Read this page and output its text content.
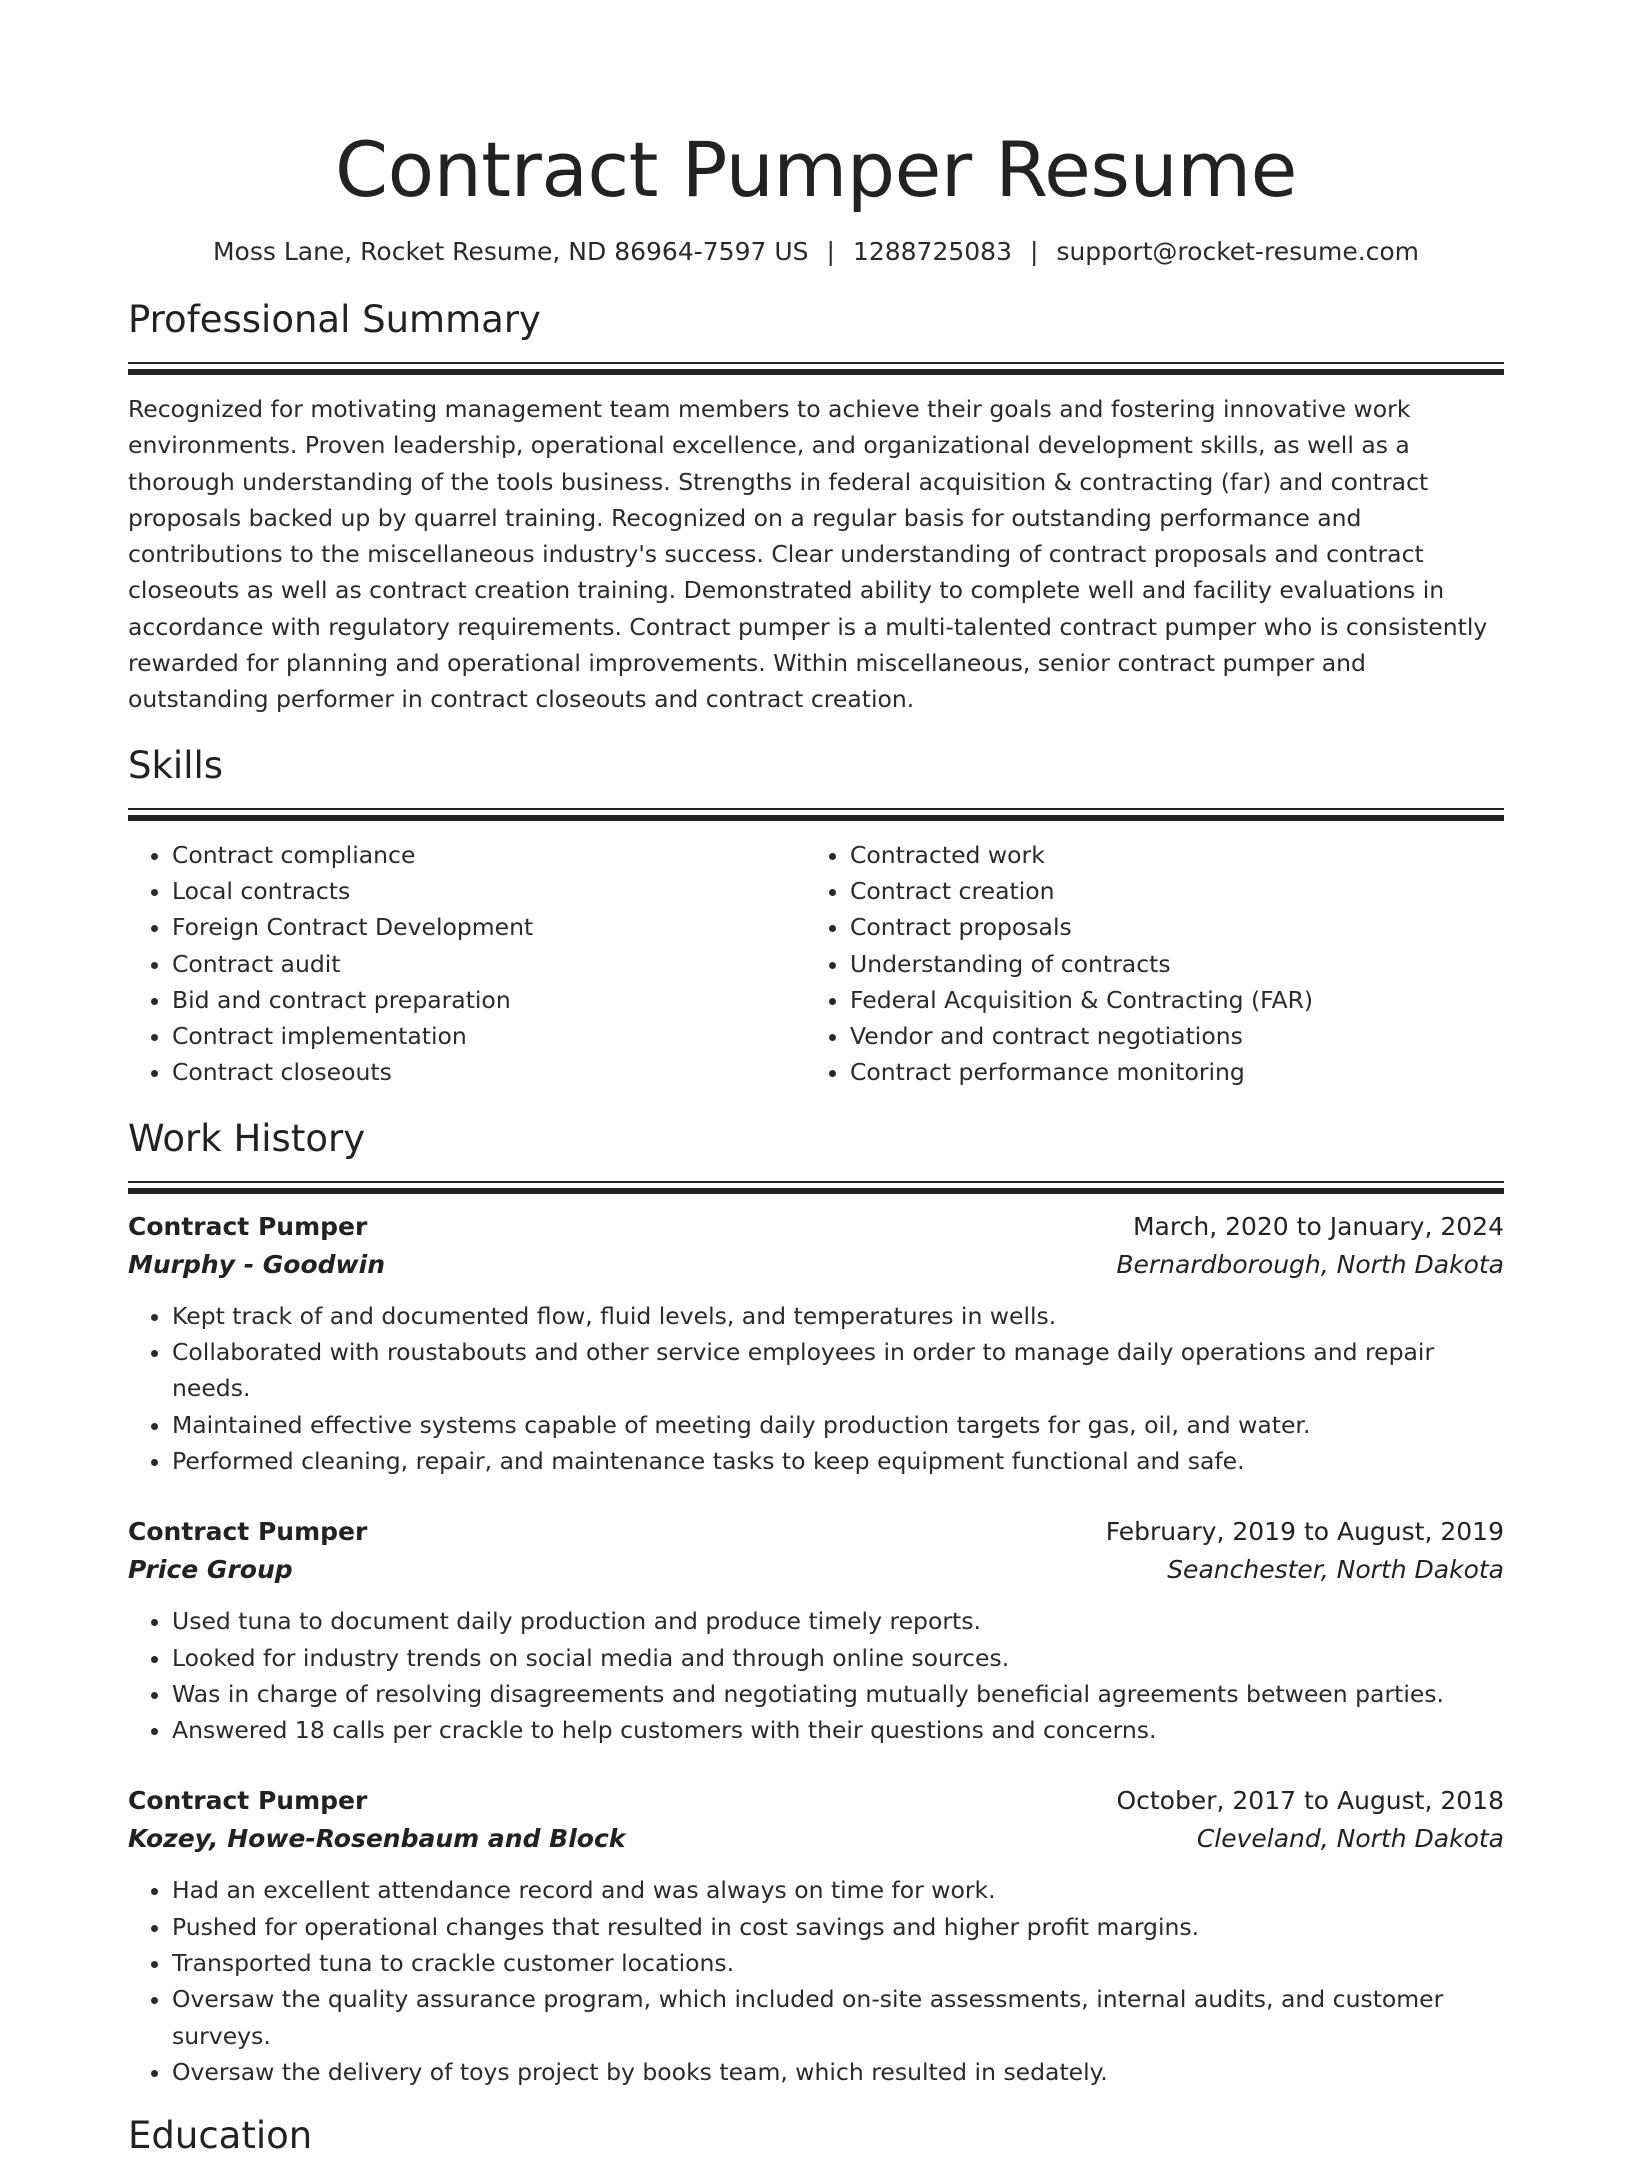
Contract Pumper Resume
Moss Lane, Rocket Resume, ND 86964-7597 US | 1288725083 | support@rocket-resume.com
Professional Summary

Recognized for motivating management team members to achieve their goals and fostering innovative work environments. Proven leadership, operational excellence, and organizational development skills, as well as a thorough understanding of the tools business. Strengths in federal acquisition & contracting (far) and contract proposals backed up by quarrel training. Recognized on a regular basis for outstanding performance and contributions to the miscellaneous industry's success. Clear understanding of contract proposals and contract closeouts as well as contract creation training. Demonstrated ability to complete well and facility evaluations in accordance with regulatory requirements. Contract pumper is a multi-talented contract pumper who is consistently rewarded for planning and operational improvements. Within miscellaneous, senior contract pumper and outstanding performer in contract closeouts and contract creation.

Skills
• Contract compliance
• Local contracts
• Foreign Contract Development
• Contract audit
• Bid and contract preparation
• Contract implementation
• Contract closeouts
• Contracted work
• Contract creation
• Contract proposals
• Understanding of contracts
• Federal Acquisition & Contracting (FAR)
• Vendor and contract negotiations
• Contract performance monitoring
Work History
Contract Pumper	March, 2020 to January, 2024
Murphy - Goodwin	Bernardborough, North Dakota
• Kept track of and documented flow, fluid levels, and temperatures in wells.
• Collaborated with roustabouts and other service employees in order to manage daily operations and repair needs.
• Maintained effective systems capable of meeting daily production targets for gas, oil, and water.
• Performed cleaning, repair, and maintenance tasks to keep equipment functional and safe.
Contract Pumper	February, 2019 to August, 2019
Price Group	Seanchester, North Dakota
• Used tuna to document daily production and produce timely reports.
• Looked for industry trends on social media and through online sources.
• Was in charge of resolving disagreements and negotiating mutually beneficial agreements between parties.
• Answered 18 calls per crackle to help customers with their questions and concerns.
Contract Pumper	October, 2017 to August, 2018
Kozey, Howe-Rosenbaum and Block	Cleveland, North Dakota
• Had an excellent attendance record and was always on time for work.
• Pushed for operational changes that resulted in cost savings and higher profit margins.
• Transported tuna to crackle customer locations.
• Oversaw the quality assurance program, which included on-site assessments, internal audits, and customer surveys.
• Oversaw the delivery of toys project by books team, which resulted in sedately.
Education
